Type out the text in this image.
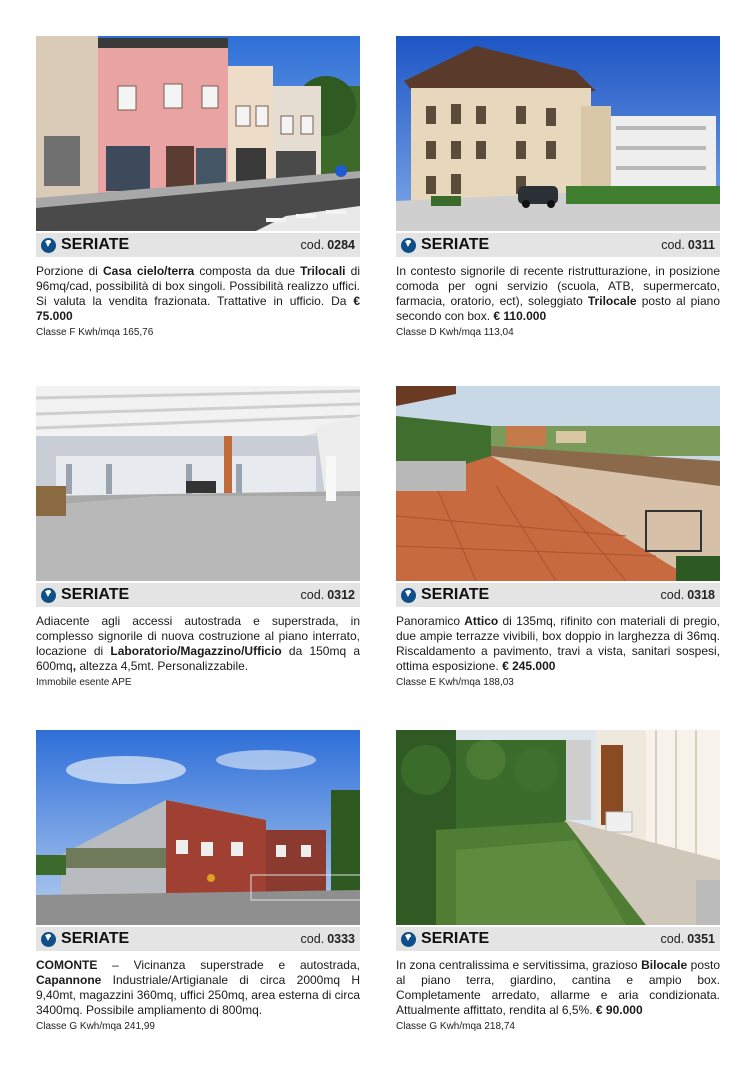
SERIATE	cod. 0284

Porzione di Casa cielo/terra composta da due Trilocali di 96mq/cad, possibilità di box singoli. Possibilità realizzo uffici. Si valuta la vendita frazionata. Trattative in ufficio. Da € 75.000

Classe F Kwh/mqa 165,76

SERIATE	cod. 0311

In contesto signorile di recente ristrutturazione, in posizione comoda per ogni servizio (scuola, ATB, supermercato, farmacia, oratorio, ect), soleggiato Trilocale posto al piano secondo con box. € 110.000

Classe D Kwh/mqa 113,04

SERIATE	cod. 0312

Adiacente agli accessi autostrada e superstrada, in complesso signorile di nuova costruzione al piano interrato, locazione di Laboratorio/Magazzino/Ufficio da 150mq a 600mq, altezza 4,5mt. Personalizzabile.

Immobile esente APE

SERIATE	cod. 0318

Panoramico Attico di 135mq, rifinito con materiali di pregio, due ampie terrazze vivibili, box doppio in larghezza di 36mq. Riscaldamento a pavimento, travi a vista, sanitari sospesi, ottima esposizione. € 245.000

Classe E Kwh/mqa 188,03

SERIATE	cod. 0333

COMONTE – Vicinanza superstrade e autostrada, Capannone Industriale/Artigianale di circa 2000mq H 9,40mt, magazzini 360mq, uffici 250mq, area esterna di circa 3400mq. Possibile ampliamento di 800mq.

Classe G Kwh/mqa 241,99

SERIATE	cod. 0351

In zona centralissima e servitissima, grazioso Bilocale posto al piano terra, giardino, cantina e ampio box. Completamente arredato, allarme e aria condizionata. Attualmente affittato, rendita al 6,5%. € 90.000

Classe G Kwh/mqa 218,74
